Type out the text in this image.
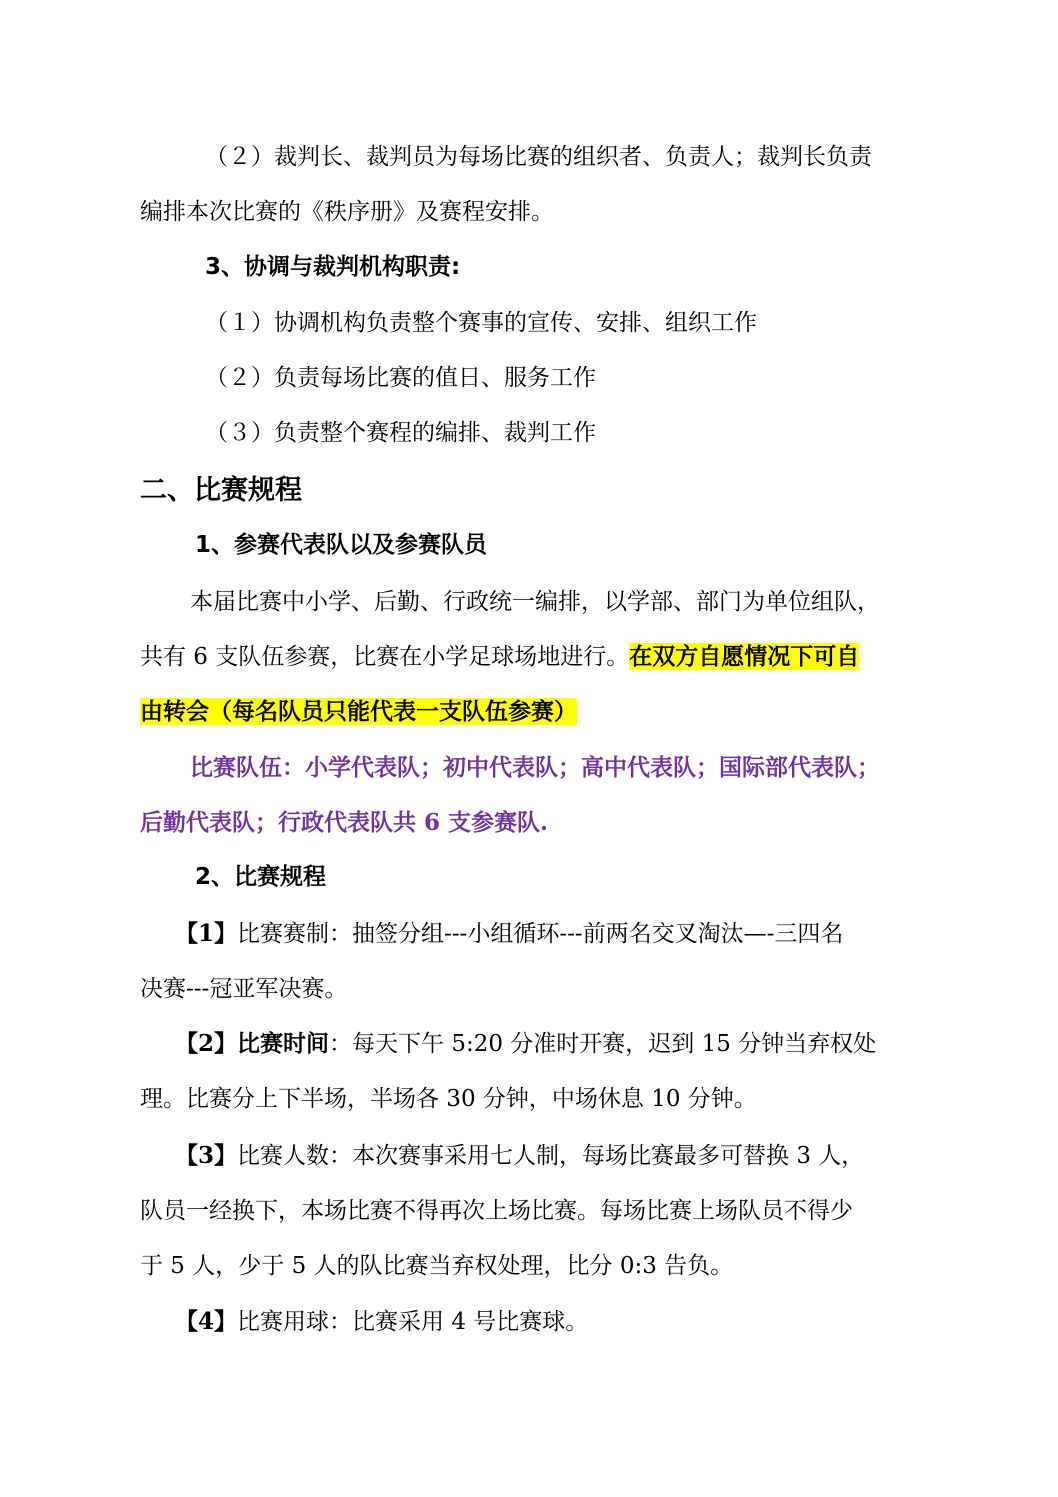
（２）裁判长、裁判员为每场比赛的组织者、负责人；裁判长负责
编排本次比赛的《秩序册》及赛程安排。
3、协调与裁判机构职责:
（１）协调机构负责整个赛事的宣传、安排、组织工作
（２）负责每场比赛的值日、服务工作
（３）负责整个赛程的编排、裁判工作
二、比赛规程
1、参赛代表队以及参赛队员
本届比赛中小学、后勤、行政统一编排，以学部、部门为单位组队，
共有 6 支队伍参赛，比赛在小学足球场地进行。在双方自愿情况下可自
由转会（每名队员只能代表一支队伍参赛）
比赛队伍：小学代表队；初中代表队；高中代表队；国际部代表队；
后勤代表队；行政代表队共 6 支参赛队.
2、比赛规程
【1】比赛赛制：抽签分组---小组循环---前两名交叉淘汰—-三四名
决赛---冠亚军决赛。
【2】比赛时间：每天下午 5:20 分准时开赛，迟到 15 分钟当弃权处
理。比赛分上下半场，半场各 30 分钟，中场休息 10 分钟。
【3】比赛人数：本次赛事采用七人制，每场比赛最多可替换 3 人，
队员一经换下，本场比赛不得再次上场比赛。每场比赛上场队员不得少
于 5 人，少于 5 人的队比赛当弃权处理，比分 0:3 告负。
【4】比赛用球：比赛采用 4 号比赛球。
